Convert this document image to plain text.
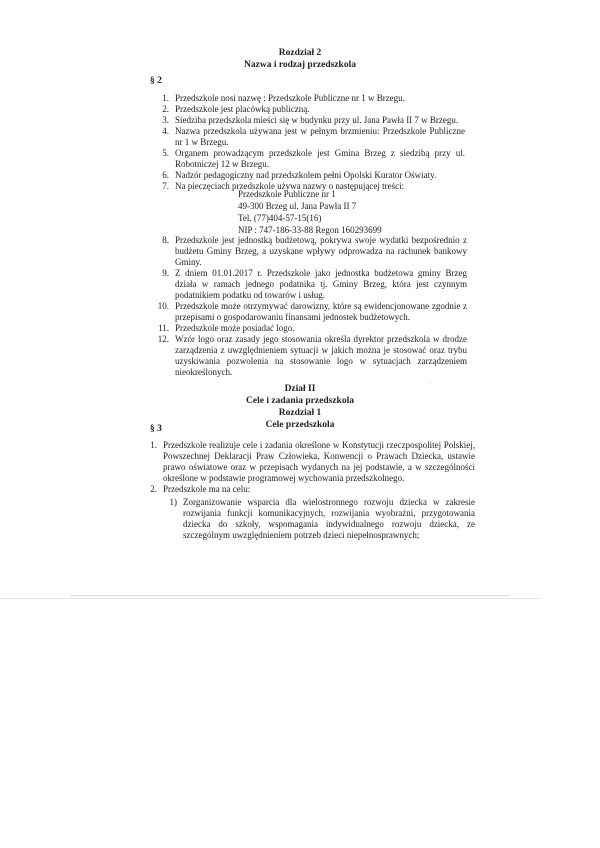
·
Rozdział 2
Nazwa i rodzaj przedszkola
§ 2
1. Przedszkole nosi nazwę : Przedszkole Publiczne nr 1 w Brzegu.
2. Przedszkole jest placówką publiczną.
3. Siedziba przedszkola mieści się w budynku przy ul. Jana Pawła II 7 w Brzegu.
4. Nazwa przedszkola używana jest w pełnym brzmieniu: Przedszkole Publiczne nr 1 w Brzegu.
5. Organem prowadzącym przedszkole jest Gmina Brzeg z siedzibą przy ul. Robotniczej 12 w Brzegu.
6. Nadzór pedagogiczny nad przedszkolem pełni Opolski Kurator Oświaty.
7. Na pieczęciach przedszkole używa nazwy o następującej treści:
Przedszkole Publiczne nr 1
49-300 Brzeg ul. Jana Pawła II 7
Tel. (77)404-57-15(16)
NIP : 747-186-33-88 Regon 160293699
8. Przedszkole jest jednostką budżetową, pokrywa swoje wydatki bezpośrednio z budżetu Gminy Brzeg, a uzyskane wpływy odprowadza na rachunek bankowy Gminy.
9. Z dniem 01.01.2017 r. Przedszkole jako jednostka budżetowa gminy Brzeg działa w ramach jednego podatnika tj. Gminy Brzeg, która jest czynnym podatnikiem podatku od towarów i usług.
10. Przedszkole może otrzymywać darowizny, które są ewidencjonowane zgodnie z przepisami o gospodarowaniu finansami jednostek budżetowych.
11. Przedszkole może posiadać logo.
12. Wzór logo oraz zasady jego stosowania określa dyrektor przedszkola w drodze zarządzenia z uwzględnieniem sytuacji w jakich można je stosować oraz trybu uzyskiwania pozwolenia na stosowanie logo w sytuacjach zarządzeniem nieokreślonych.
Dział II
Cele i zadania przedszkola
Rozdział 1
Cele przedszkola
§ 3
1. Przedszkole realizuje cele i zadania określone w Konstytucji rzeczpospolitej Polskiej, Powszechnej Deklaracji Praw Człowieka, Konwencji o Prawach Dziecka, ustawie prawo oświatowe oraz w przepisach wydanych na jej podstawie, a w szczególności określone w podstawie programowej wychowania przedszkolnego.
2. Przedszkole ma na celu:
1) Zorganizowanie wsparcia dla wielostronnego rozwoju dziecka w zakresie rozwijania funkcji komunikacyjnych, rozwijania wyobraźni, przygotowania dziecka do szkoły, wspomagania indywidualnego rozwoju dziecka, ze szczególnym uwzględnieniem potrzeb dzieci niepełnosprawnych;
